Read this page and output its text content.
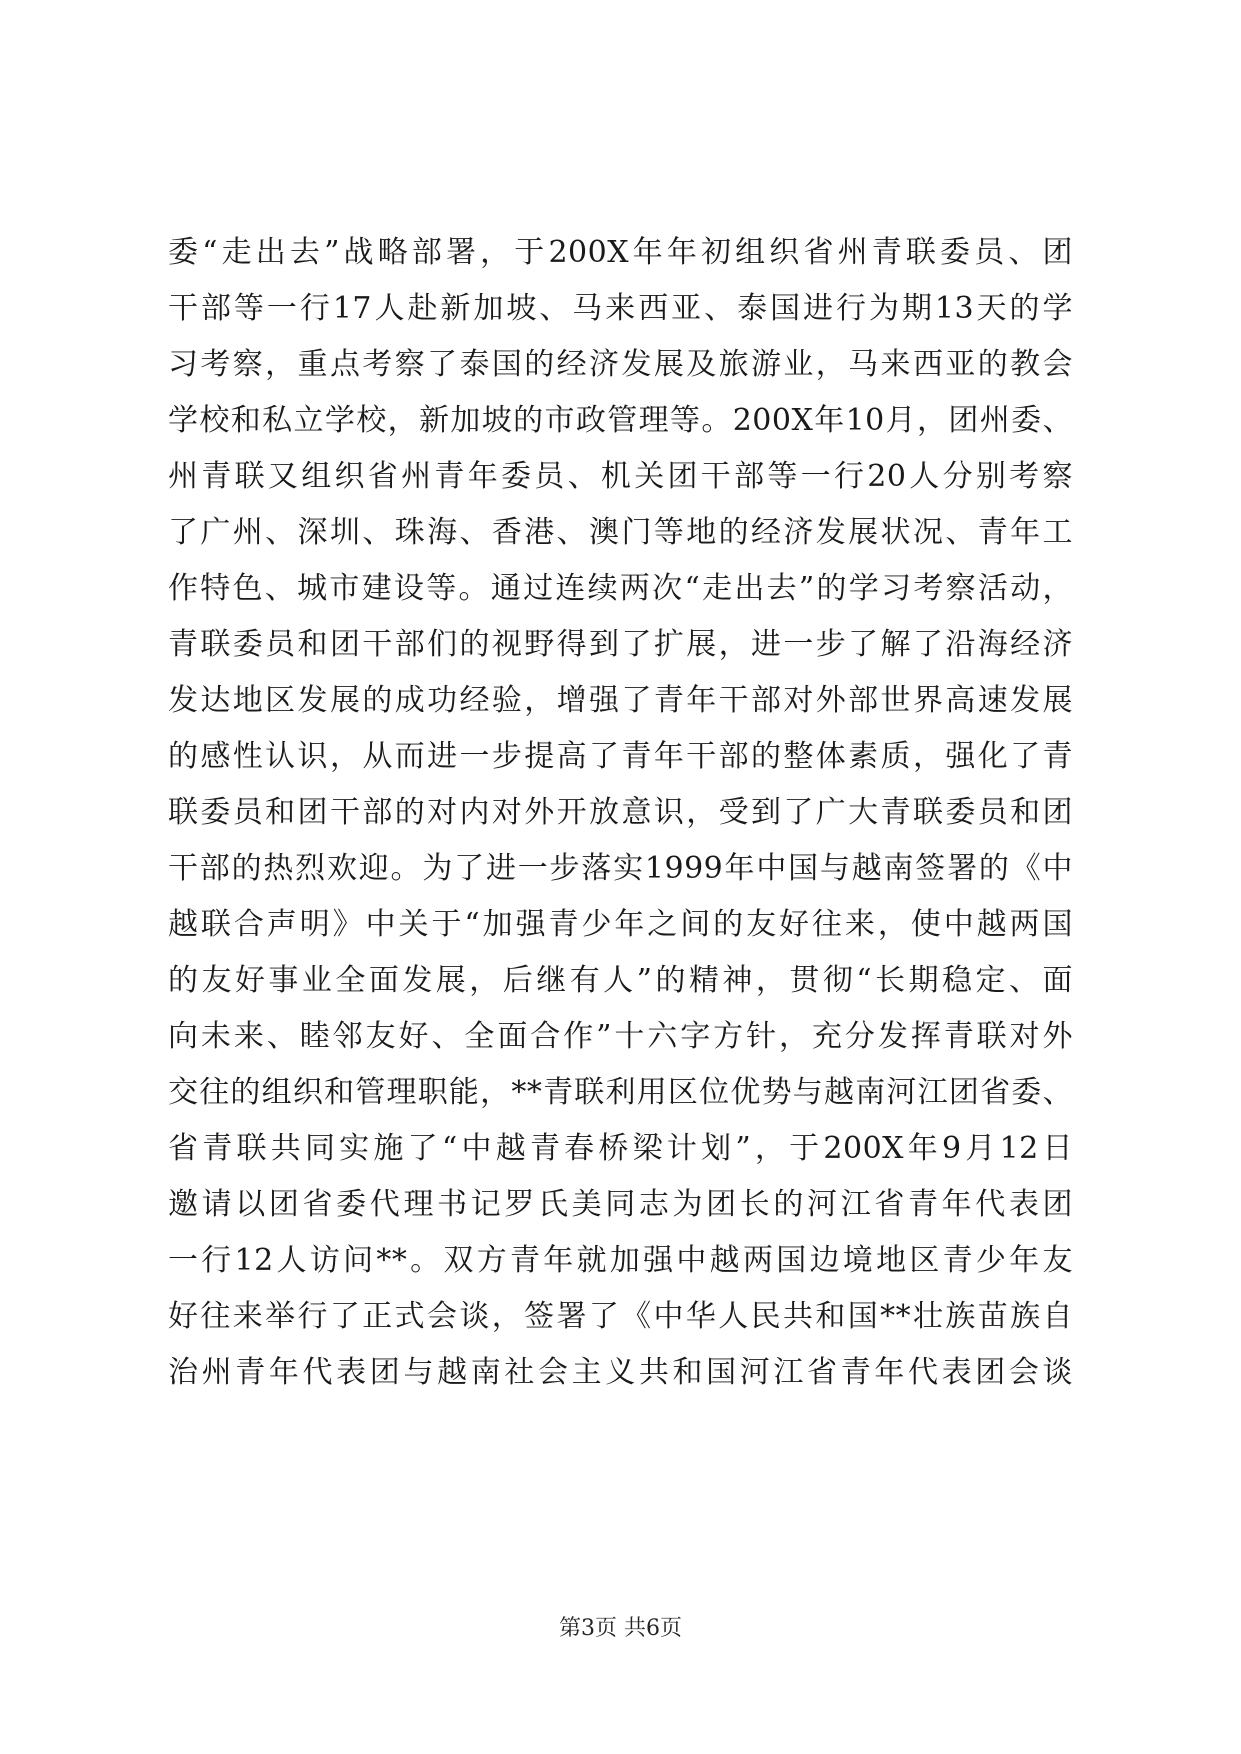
委“走出去”战略部署，于200X年年初组织省州青联委员、团
干部等一行17人赴新加坡、马来西亚、泰国进行为期13天的学
习考察，重点考察了泰国的经济发展及旅游业，马来西亚的教会
学校和私立学校，新加坡的市政管理等。200X年10月，团州委、
州青联又组织省州青年委员、机关团干部等一行20人分别考察
了广州、深圳、珠海、香港、澳门等地的经济发展状况、青年工
作特色、城市建设等。通过连续两次“走出去”的学习考察活动，
青联委员和团干部们的视野得到了扩展，进一步了解了沿海经济
发达地区发展的成功经验，增强了青年干部对外部世界高速发展
的感性认识，从而进一步提高了青年干部的整体素质，强化了青
联委员和团干部的对内对外开放意识，受到了广大青联委员和团
干部的热烈欢迎。为了进一步落实1999年中国与越南签署的《中
越联合声明》中关于“加强青少年之间的友好往来，使中越两国
的友好事业全面发展，后继有人”的精神，贯彻“长期稳定、面
向未来、睦邻友好、全面合作”十六字方针，充分发挥青联对外
交往的组织和管理职能，**青联利用区位优势与越南河江团省委、
省青联共同实施了“中越青春桥梁计划”，于200X年9月12日
邀请以团省委代理书记罗氏美同志为团长的河江省青年代表团
一行12人访问**。双方青年就加强中越两国边境地区青少年友
好往来举行了正式会谈，签署了《中华人民共和国**壮族苗族自
治州青年代表团与越南社会主义共和国河江省青年代表团会谈
第3页 共6页
